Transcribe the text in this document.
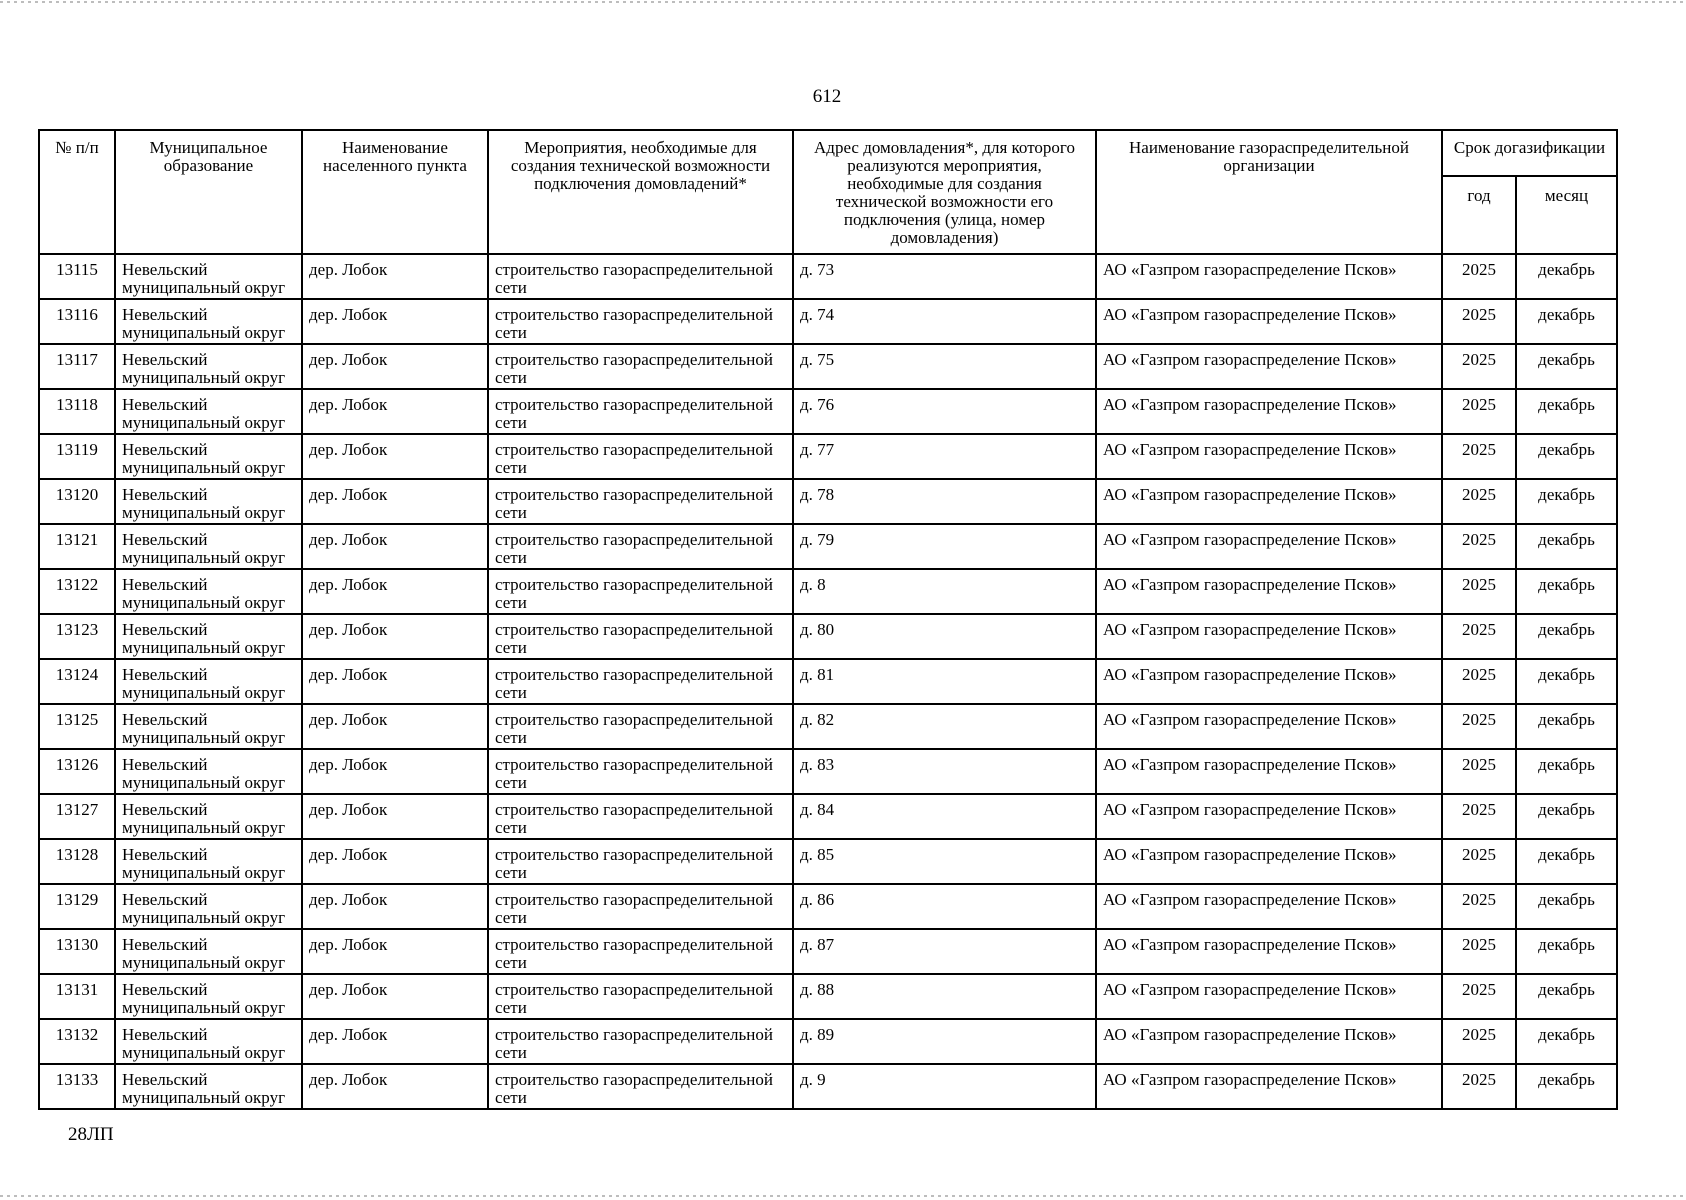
612
№ п/п	Муниципальное образование	Наименование населенного пункта	Мероприятия, необходимые для создания технической возможности подключения домовладений*	Адрес домовладения*, для которого реализуются мероприятия, необходимые для создания технической возможности его подключения (улица, номер домовладения)	Наименование газораспределительной организации	Срок догазификации	
						год	месяц
13115	Невельский муниципальный округ	дер. Лобок	строительство газораспределительной сети	д. 73	АО «Газпром газораспределение Псков»	2025	декабрь
13116	Невельский муниципальный округ	дер. Лобок	строительство газораспределительной сети	д. 74	АО «Газпром газораспределение Псков»	2025	декабрь
13117	Невельский муниципальный округ	дер. Лобок	строительство газораспределительной сети	д. 75	АО «Газпром газораспределение Псков»	2025	декабрь
13118	Невельский муниципальный округ	дер. Лобок	строительство газораспределительной сети	д. 76	АО «Газпром газораспределение Псков»	2025	декабрь
13119	Невельский муниципальный округ	дер. Лобок	строительство газораспределительной сети	д. 77	АО «Газпром газораспределение Псков»	2025	декабрь
13120	Невельский муниципальный округ	дер. Лобок	строительство газораспределительной сети	д. 78	АО «Газпром газораспределение Псков»	2025	декабрь
13121	Невельский муниципальный округ	дер. Лобок	строительство газораспределительной сети	д. 79	АО «Газпром газораспределение Псков»	2025	декабрь
13122	Невельский муниципальный округ	дер. Лобок	строительство газораспределительной сети	д. 8	АО «Газпром газораспределение Псков»	2025	декабрь
13123	Невельский муниципальный округ	дер. Лобок	строительство газораспределительной сети	д. 80	АО «Газпром газораспределение Псков»	2025	декабрь
13124	Невельский муниципальный округ	дер. Лобок	строительство газораспределительной сети	д. 81	АО «Газпром газораспределение Псков»	2025	декабрь
13125	Невельский муниципальный округ	дер. Лобок	строительство газораспределительной сети	д. 82	АО «Газпром газораспределение Псков»	2025	декабрь
13126	Невельский муниципальный округ	дер. Лобок	строительство газораспределительной сети	д. 83	АО «Газпром газораспределение Псков»	2025	декабрь
13127	Невельский муниципальный округ	дер. Лобок	строительство газораспределительной сети	д. 84	АО «Газпром газораспределение Псков»	2025	декабрь
13128	Невельский муниципальный округ	дер. Лобок	строительство газораспределительной сети	д. 85	АО «Газпром газораспределение Псков»	2025	декабрь
13129	Невельский муниципальный округ	дер. Лобок	строительство газораспределительной сети	д. 86	АО «Газпром газораспределение Псков»	2025	декабрь
13130	Невельский муниципальный округ	дер. Лобок	строительство газораспределительной сети	д. 87	АО «Газпром газораспределение Псков»	2025	декабрь
13131	Невельский муниципальный округ	дер. Лобок	строительство газораспределительной сети	д. 88	АО «Газпром газораспределение Псков»	2025	декабрь
13132	Невельский муниципальный округ	дер. Лобок	строительство газораспределительной сети	д. 89	АО «Газпром газораспределение Псков»	2025	декабрь
13133	Невельский муниципальный округ	дер. Лобок	строительство газораспределительной сети	д. 9	АО «Газпром газораспределение Псков»	2025	декабрь
28ЛП
